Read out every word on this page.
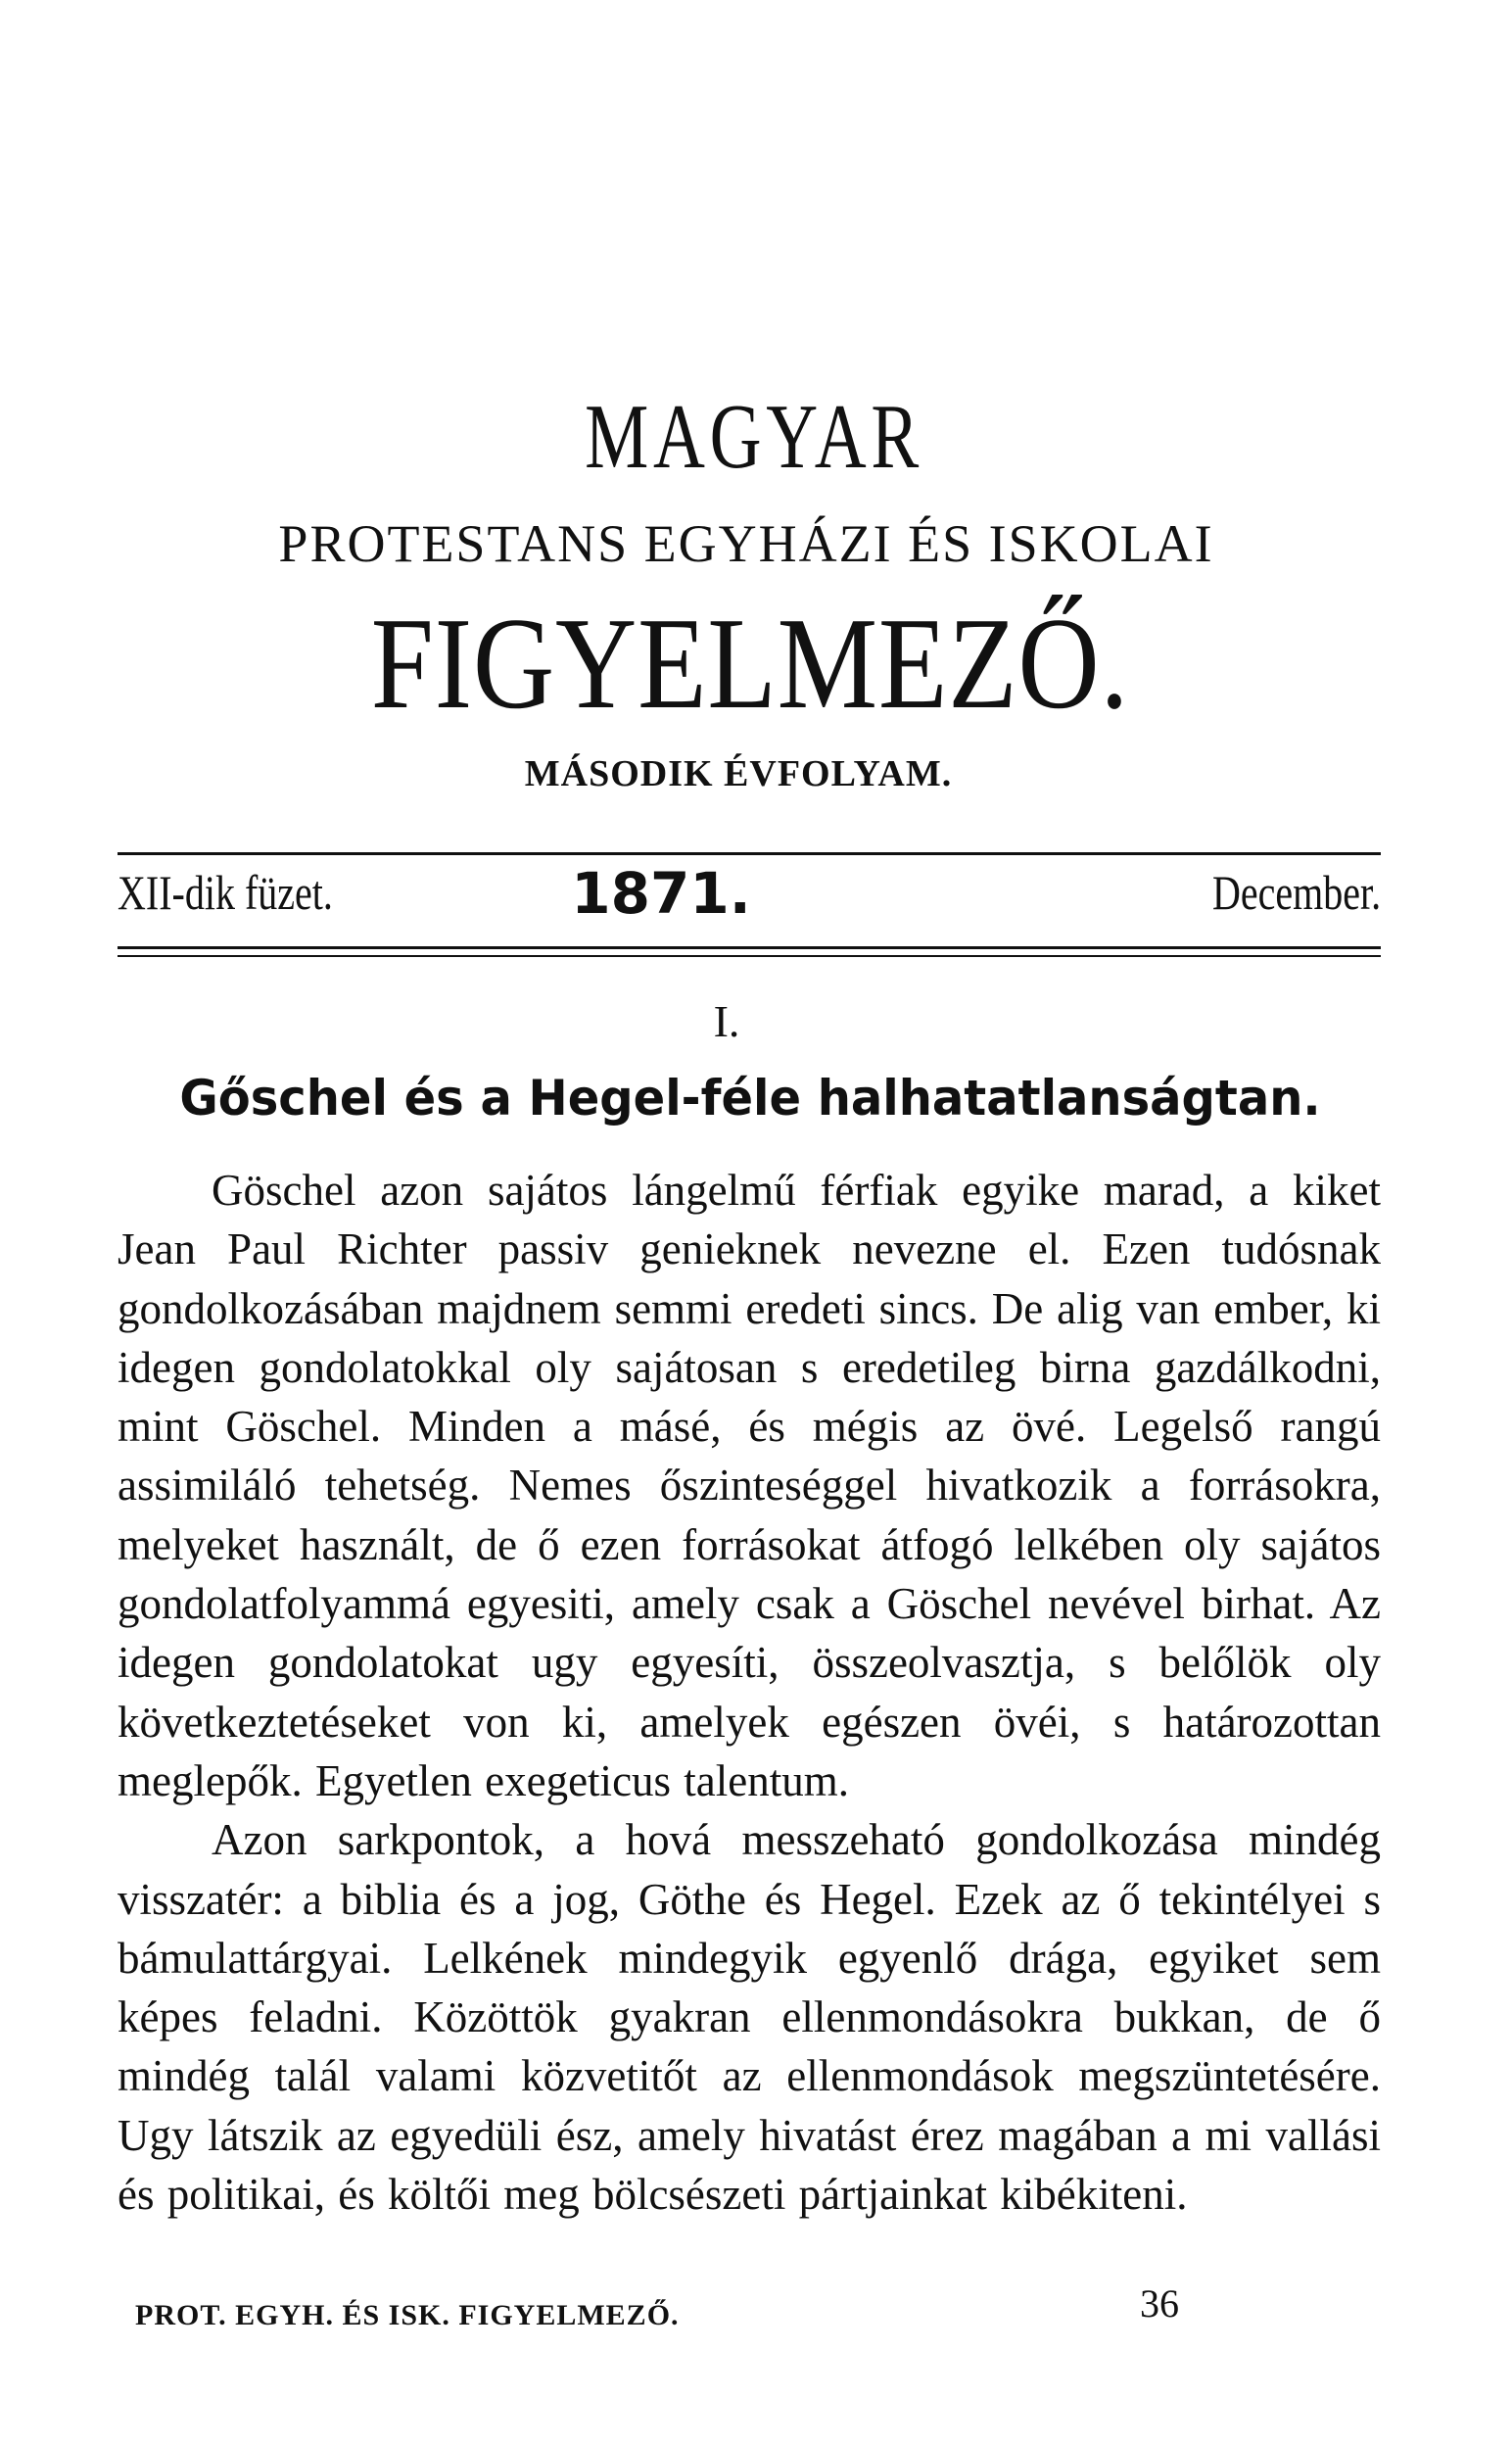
MAGYAR
PROTESTANS EGYHÁZI ÉS ISKOLAI
FIGYELMEZŐ.
MÁSODIK ÉVFOLYAM.
XII-dik füzet.	1871.	December.
I.
Gőschel és a Hegel-féle halhatatlanságtan.

Göschel azon sajátos lángelmű férfiak egyike marad, a kiket Jean Paul Richter passiv genieknek nevezne el. Ezen tudósnak gondolkozásában majdnem semmi eredeti sincs. De alig van ember, ki idegen gondolatokkal oly sajátosan s eredetileg birna gazdálkodni, mint Göschel. Minden a másé, és mégis az övé. Legelső rangú assimiláló tehetség. Nemes őszinteséggel hivatkozik a forrásokra, melyeket használt, de ő ezen forrásokat átfogó lelkében oly sajátos gondolatfolyammá egyesiti, amely csak a Göschel nevével birhat. Az idegen gondolatokat ugy egyesíti, összeolvasztja, s belőlök oly következtetéseket von ki, amelyek egészen övéi, s határozottan meglepők. Egyetlen exegeticus talentum.

Azon sarkpontok, a hová messzeható gondolkozása mindég visszatér: a biblia és a jog, Göthe és Hegel. Ezek az ő tekintélyei s bámulattárgyai. Lelkének mindegyik egyenlő drága, egyiket sem képes feladni. Közöttök gyakran ellenmondásokra bukkan, de ő mindég talál valami közvetitőt az ellenmondások megszüntetésére. Ugy látszik az egyedüli ész, amely hivatást érez magában a mi vallási és politikai, és költői meg bölcsészeti pártjainkat kibékiteni.

PROT. EGYH. ÉS ISK. FIGYELMEZŐ.	36
